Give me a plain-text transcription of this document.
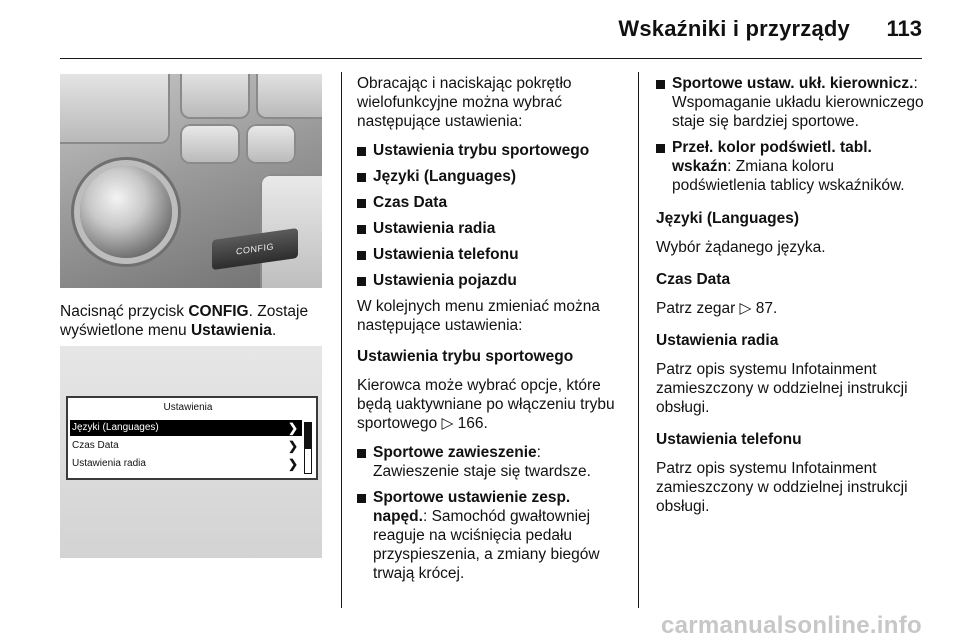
Wskaźniki i przyrządy 113
CONFIG

Nacisnąć przycisk CONFIG. Zostaje wyświetlone menu Ustawienia.

Ustawienia
Języki (Languages)	❯
Czas Data	❯
Ustawienia radia	❯

Obracając i naciskając pokrętło wielofunkcyjne można wybrać następujące ustawienia:

Ustawienia trybu sportowego
Języki (Languages)
Czas Data
Ustawienia radia
Ustawienia telefonu
Ustawienia pojazdu

W kolejnych menu zmieniać można następujące ustawienia:

Ustawienia trybu sportowego

Kierowca może wybrać opcje, które będą uaktywniane po włączeniu trybu sportowego ▷ 166.

Sportowe zawieszenie: Zawieszenie staje się twardsze.
Sportowe ustawienie zesp. napęd.: Samochód gwałtowniej reaguje na wciśnięcia pedału przyspieszenia, a zmiany biegów trwają krócej.
Sportowe ustaw. ukł. kierownicz.: Wspomaganie układu kierowniczego staje się bardziej sportowe.
Przeł. kolor podświetl. tabl. wskaźn: Zmiana koloru podświetlenia tablicy wskaźników.

Języki (Languages)

Wybór żądanego języka.

Czas Data

Patrz zegar ▷ 87.

Ustawienia radia

Patrz opis systemu Infotainment zamieszczony w oddzielnej instrukcji obsługi.

Ustawienia telefonu

Patrz opis systemu Infotainment zamieszczony w oddzielnej instrukcji obsługi.

carmanualsonline.info
